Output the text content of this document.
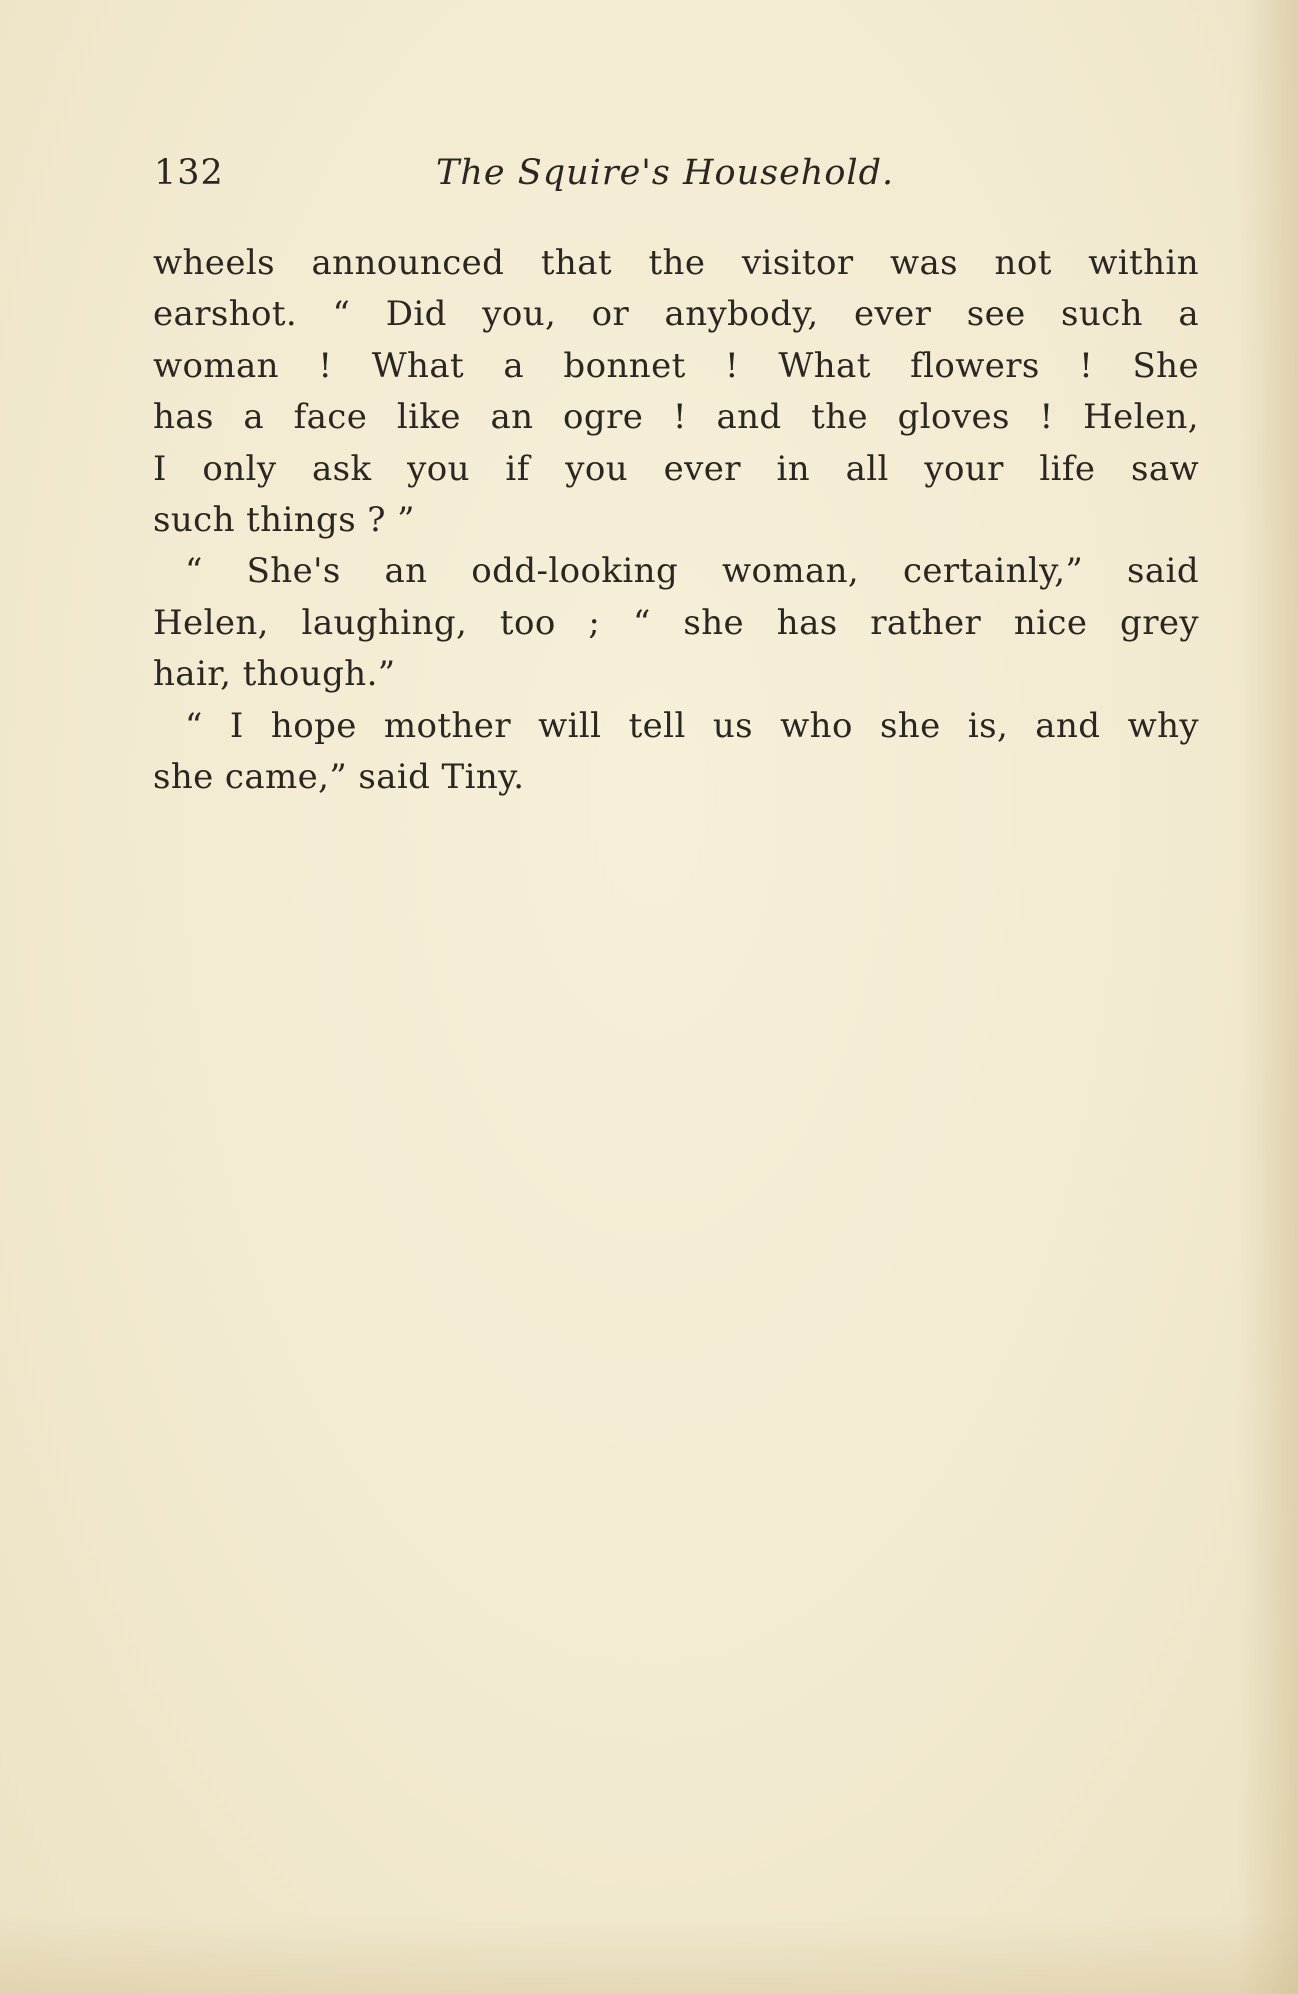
132	The Squire's Household.
wheels announced that the visitor was not within
earshot. “ Did you, or anybody, ever see such a
woman ! What a bonnet ! What flowers ! She
has a face like an ogre ! and the gloves ! Helen,
I only ask you if you ever in all your life saw
such things ? ”
“ She's an odd-looking woman, certainly,” said
Helen, laughing, too ; “ she has rather nice grey
hair, though.”
“ I hope mother will tell us who she is, and why
she came,” said Tiny.
